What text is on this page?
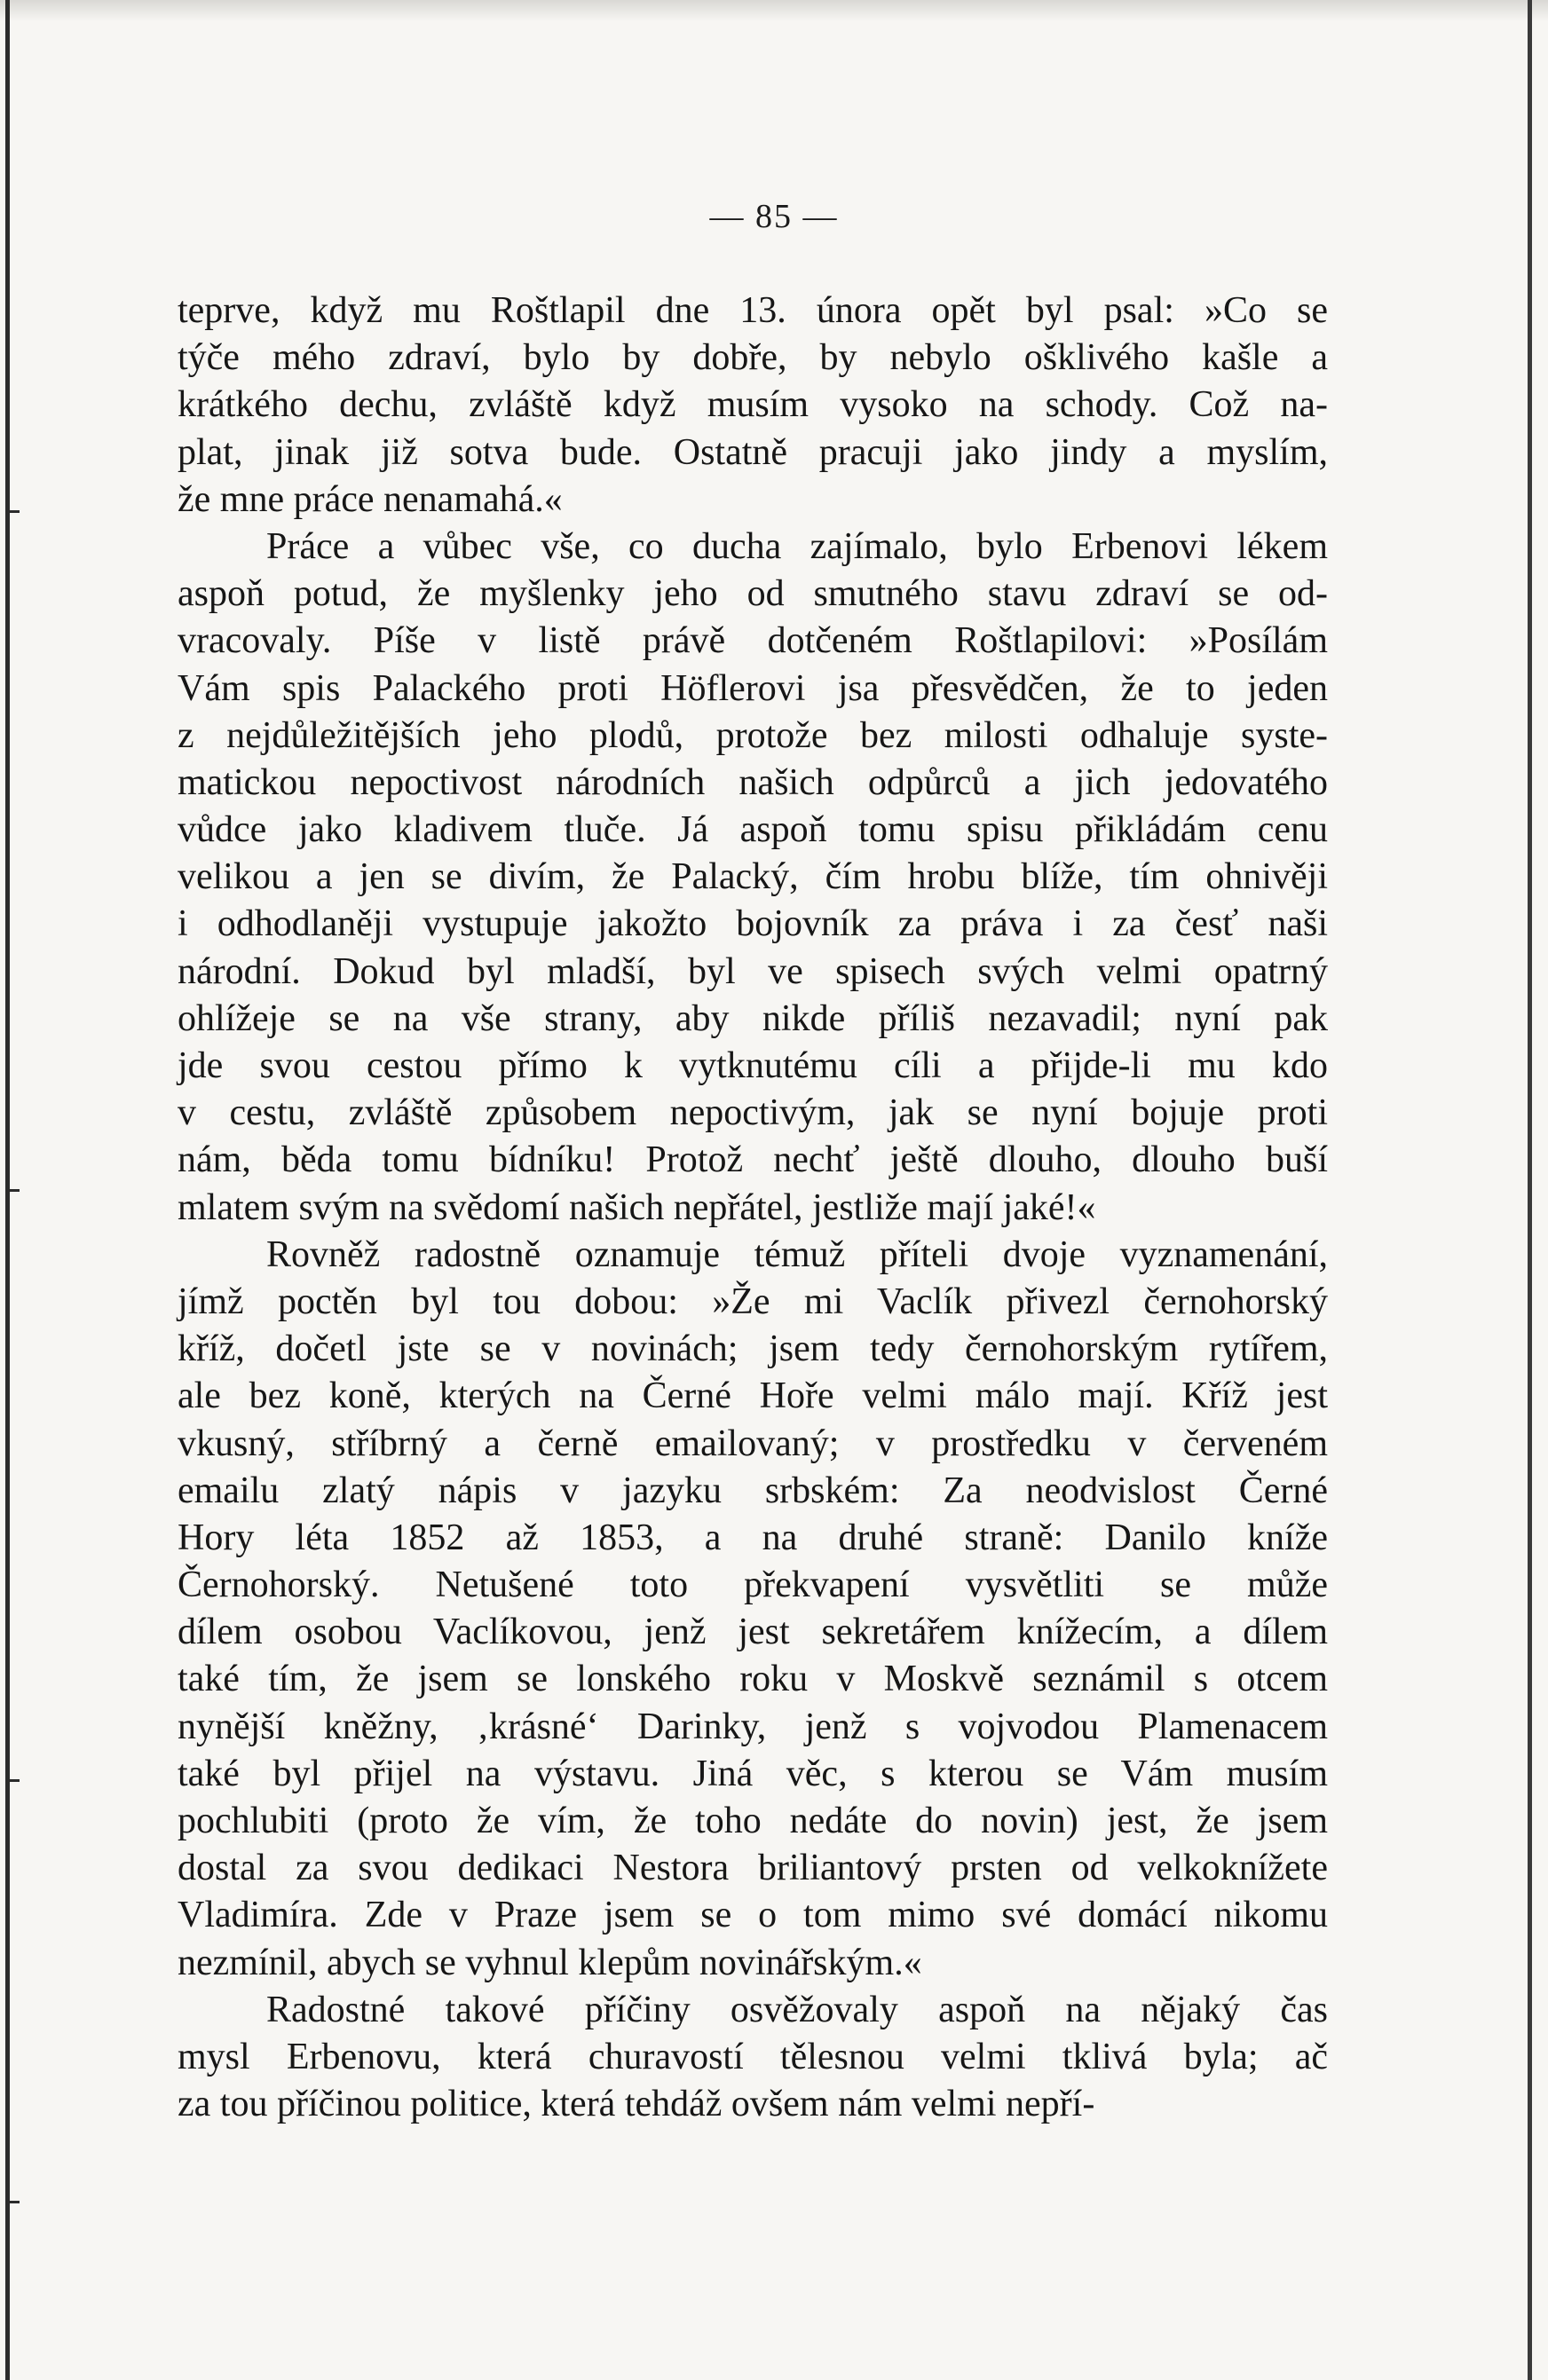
— 85 —
teprve, když mu Roštlapil dne 13. února opět byl psal: »Co se
týče mého zdraví, bylo by dobře, by nebylo ošklivého kašle a
krátkého dechu, zvláště když musím vysoko na schody. Což na-
plat, jinak již sotva bude. Ostatně pracuji jako jindy a myslím,
že mne práce nenamahá.«
Práce a vůbec vše, co ducha zajímalo, bylo Erbenovi lékem
aspoň potud, že myšlenky jeho od smutného stavu zdraví se od-
vracovaly. Píše v listě právě dotčeném Roštlapilovi: »Posílám
Vám spis Palackého proti Höflerovi jsa přesvědčen, že to jeden
z nejdůležitějších jeho plodů, protože bez milosti odhaluje syste-
matickou nepoctivost národních našich odpůrců a jich jedovatého
vůdce jako kladivem tluče. Já aspoň tomu spisu přikládám cenu
velikou a jen se divím, že Palacký, čím hrobu blíže, tím ohnivěji
i odhodlaněji vystupuje jakožto bojovník za práva i za česť naši
národní. Dokud byl mladší, byl ve spisech svých velmi opatrný
ohlížeje se na vše strany, aby nikde příliš nezavadil; nyní pak
jde svou cestou přímo k vytknutému cíli a přijde-li mu kdo
v cestu, zvláště způsobem nepoctivým, jak se nyní bojuje proti
nám, běda tomu bídníku! Protož nechť ještě dlouho, dlouho buší
mlatem svým na svědomí našich nepřátel, jestliže mají jaké!«
Rovněž radostně oznamuje témuž příteli dvoje vyznamenání,
jímž poctěn byl tou dobou: »Že mi Vaclík přivezl černohorský
kříž, dočetl jste se v novinách; jsem tedy černohorským rytířem,
ale bez koně, kterých na Černé Hoře velmi málo mají. Kříž jest
vkusný, stříbrný a černě emailovaný; v prostředku v červeném
emailu zlatý nápis v jazyku srbském: Za neodvislost Černé
Hory léta 1852 až 1853, a na druhé straně: Danilo kníže
Černohorský. Netušené toto překvapení vysvětliti se může
dílem osobou Vaclíkovou, jenž jest sekretářem knížecím, a dílem
také tím, že jsem se lonského roku v Moskvě seznámil s otcem
nynější kněžny, ‚krásné‘ Darinky, jenž s vojvodou Plamenacem
také byl přijel na výstavu. Jiná věc, s kterou se Vám musím
pochlubiti (proto že vím, že toho nedáte do novin) jest, že jsem
dostal za svou dedikaci Nestora briliantový prsten od velkoknížete
Vladimíra. Zde v Praze jsem se o tom mimo své domácí nikomu
nezmínil, abych se vyhnul klepům novinářským.«
Radostné takové příčiny osvěžovaly aspoň na nějaký čas
mysl Erbenovu, která churavostí tělesnou velmi tklivá byla; ač
za tou příčinou politice, která tehdáž ovšem nám velmi nepří-
